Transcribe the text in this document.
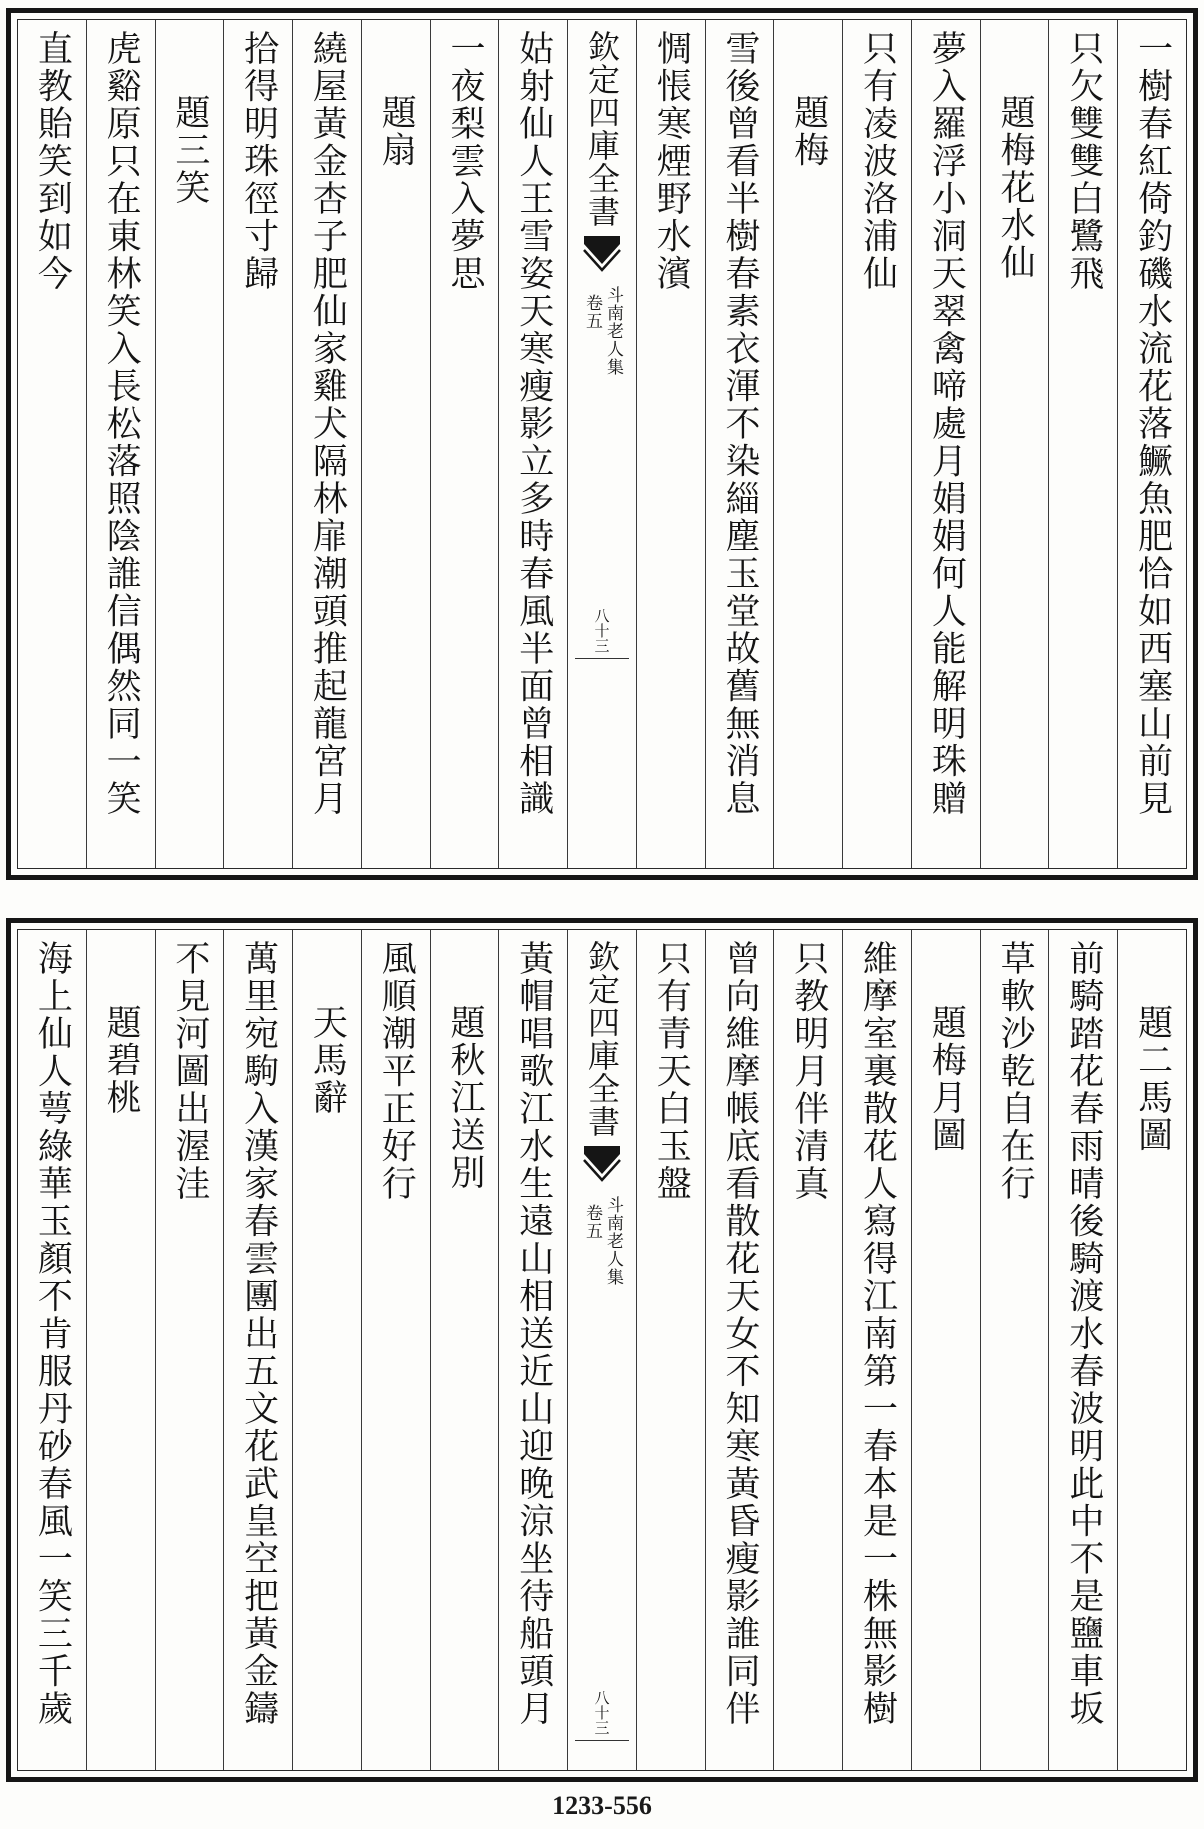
一樹春紅倚釣磯水流花落鱖魚肥恰如西塞山前見
只欠雙雙白鷺飛
題梅花水仙
夢入羅浮小洞天翠禽啼處月娟娟何人能解明珠贈
只有凌波洛浦仙
題梅
雪後曾看半樹春素衣渾不染緇塵玉堂故舊無消息
惆悵寒煙野水濱
欽定四庫全書
斗南老人集
卷五
八十三
姑射仙人王雪姿天寒瘦影立多時春風半面曾相識
一夜梨雲入夢思
題扇
繞屋黃金杏子肥仙家雞犬隔林扉潮頭推起龍宮月
拾得明珠徑寸歸
題三笑
虎谿原只在東林笑入長松落照陰誰信偶然同一笑
直教貽笑到如今
題二馬圖
前騎踏花春雨晴後騎渡水春波明此中不是鹽車坂
草軟沙乾自在行
題梅月圖
維摩室裏散花人寫得江南第一春本是一株無影樹
只教明月伴清真
曾向維摩帳底看散花天女不知寒黃昏瘦影誰同伴
只有青天白玉盤
欽定四庫全書
斗南老人集
卷五
八十三
黃帽唱歌江水生遠山相送近山迎晚涼坐待船頭月
題秋江送別
風順潮平正好行
天馬辭
萬里宛駒入漢家春雲團出五文花武皇空把黃金鑄
不見河圖出渥洼
題碧桃
海上仙人萼綠華玉顏不肯服丹砂春風一笑三千歲
1233-556
